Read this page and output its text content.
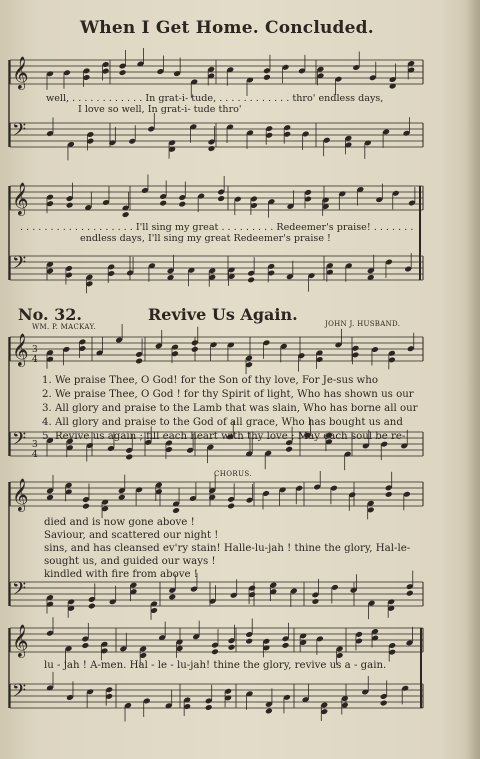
When I Get Home. Concluded.
𝄞
𝄢
𝄞
𝄢
𝄞
𝄢
𝄞
𝄢
𝄞
𝄢
3
4
3
4
well, . . . . . . . . . . . . In grat-i- tude, . . . . . . . . . . . . thro' endless days,
I love so well, In grat-i- tude thro'
. . . . . . . . . . . . . . . . . . . I'll sing my great . . . . . . . . . Redeemer's praise! . . . . . . .
endless days, I'll sing my great Redeemer's praise !
No. 32.	Revive Us Again.
WM. P. MACKAY.	JOHN J. HUSBAND.
1. We praise Thee, O God! for the Son of thy love, For Je-sus who
2. We praise Thee, O God ! for thy Spirit of light, Who has shown us our
3. All glory and praise to the Lamb that was slain, Who has borne all our
4. All glory and praise to the God of all grace, Who has bought us and
5. Revive us again ; fill each heart with thy love ; May each soul be re-
CHORUS.
died and is now gone above !
Saviour, and scattered our night !
sins, and has cleansed ev'ry stain! Halle-lu-jah ! thine the glory, Hal-le-
sought us, and guided our ways !
kindled with fire from above !
lu - jah ! A-men. Hal - le - lu-jah! thine the glory, revive us a - gain.
